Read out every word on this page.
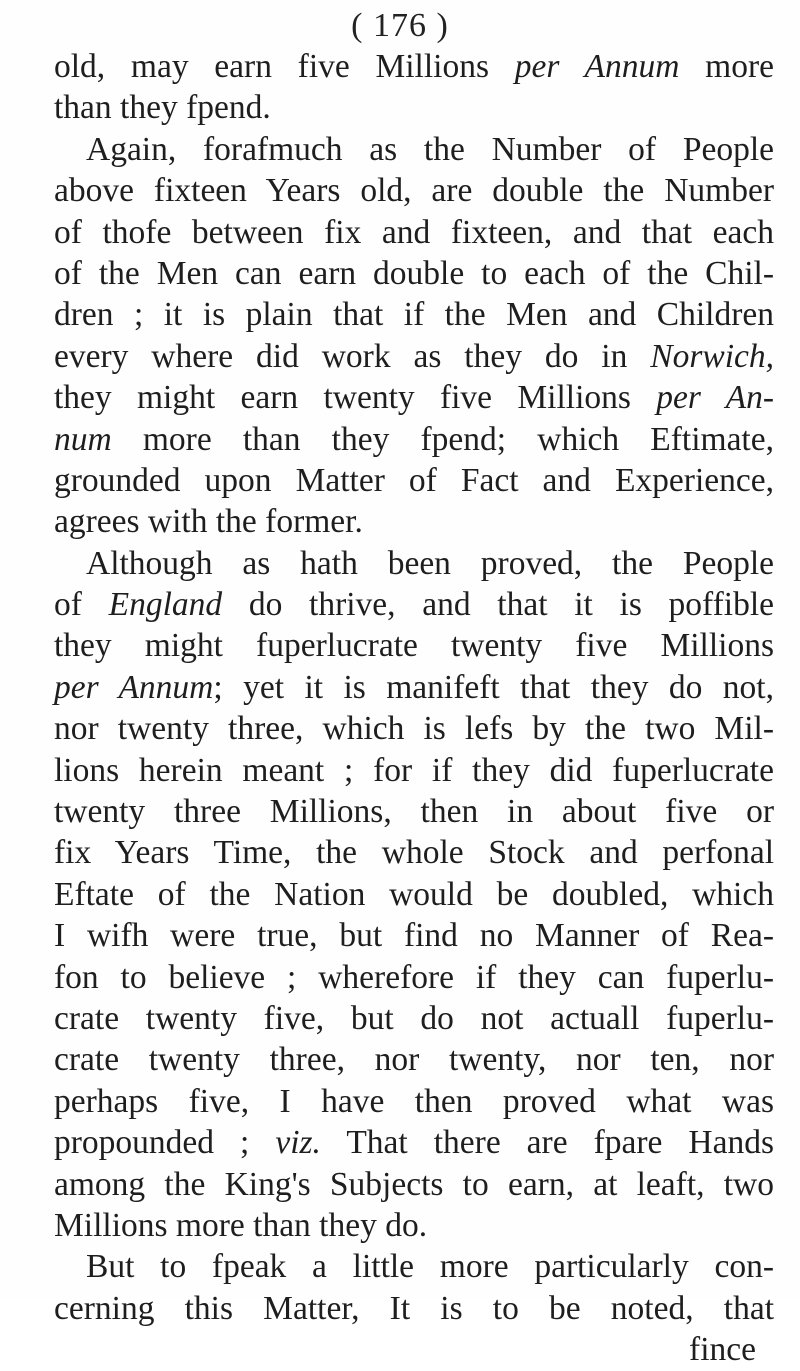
( 176 )
old, may earn five Millions per Annum more
than they fpend.
Again, forafmuch as the Number of People
above fixteen Years old, are double the Number
of thofe between fix and fixteen, and that each
of the Men can earn double to each of the Chil-
dren ; it is plain that if the Men and Children
every where did work as they do in Norwich,
they might earn twenty five Millions per An-
num more than they fpend; which Eftimate,
grounded upon Matter of Fact and Experience,
agrees with the former.
Although as hath been proved, the People
of England do thrive, and that it is poffible
they might fuperlucrate twenty five Millions
per Annum; yet it is manifeft that they do not,
nor twenty three, which is lefs by the two Mil-
lions herein meant ; for if they did fuperlucrate
twenty three Millions, then in about five or
fix Years Time, the whole Stock and perfonal
Eftate of the Nation would be doubled, which
I wifh were true, but find no Manner of Rea-
fon to believe ; wherefore if they can fuperlu-
crate twenty five, but do not actuall fuperlu-
crate twenty three, nor twenty, nor ten, nor
perhaps five, I have then proved what was
propounded ; viz. That there are fpare Hands
among the King's Subjects to earn, at leaft, two
Millions more than they do.
But to fpeak a little more particularly con-
cerning this Matter, It is to be noted, that
fince
